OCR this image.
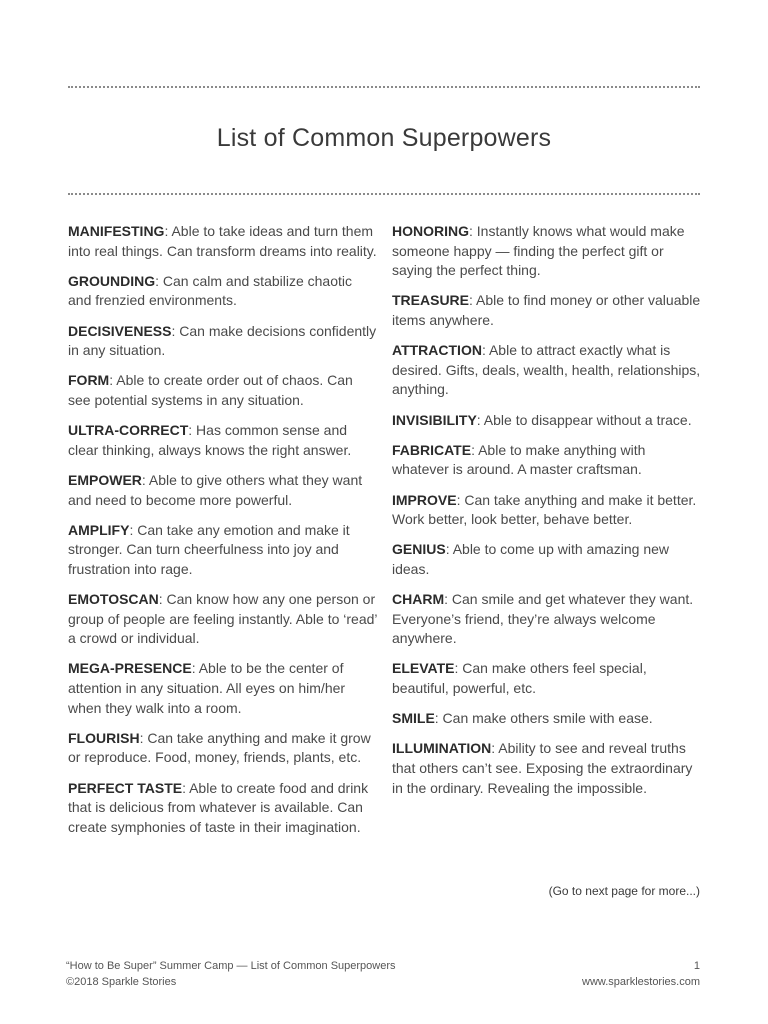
List of Common Superpowers

MANIFESTING: Able to take ideas and turn them into real things. Can transform dreams into reality.

GROUNDING: Can calm and stabilize chaotic and frenzied environments.

DECISIVENESS: Can make decisions confidently in any situation.

FORM: Able to create order out of chaos. Can see potential systems in any situation.

ULTRA-CORRECT: Has common sense and clear thinking, always knows the right answer.

EMPOWER: Able to give others what they want and need to become more powerful.

AMPLIFY: Can take any emotion and make it stronger. Can turn cheerfulness into joy and frustration into rage.

EMOTOSCAN: Can know how any one person or group of people are feeling instantly. Able to ‘read’ a crowd or individual.

MEGA-PRESENCE: Able to be the center of attention in any situation. All eyes on him/her when they walk into a room.

FLOURISH: Can take anything and make it grow or reproduce. Food, money, friends, plants, etc.

PERFECT TASTE: Able to create food and drink that is delicious from whatever is available. Can create symphonies of taste in their imagination.

HONORING: Instantly knows what would make someone happy — finding the perfect gift or saying the perfect thing.

TREASURE: Able to find money or other valuable items anywhere.

ATTRACTION: Able to attract exactly what is desired. Gifts, deals, wealth, health, relationships, anything.

INVISIBILITY: Able to disappear without a trace.

FABRICATE: Able to make anything with whatever is around. A master craftsman.

IMPROVE: Can take anything and make it better. Work better, look better, behave better.

GENIUS: Able to come up with amazing new ideas.

CHARM: Can smile and get whatever they want. Everyone’s friend, they’re always welcome anywhere.

ELEVATE: Can make others feel special, beautiful, powerful, etc.

SMILE: Can make others smile with ease.

ILLUMINATION: Ability to see and reveal truths that others can’t see. Exposing the extraordinary in the ordinary. Revealing the impossible.

(Go to next page for more...)
“How to Be Super” Summer Camp — List of Common Superpowers	1
©2018 Sparkle Stories	www.sparklestories.com
